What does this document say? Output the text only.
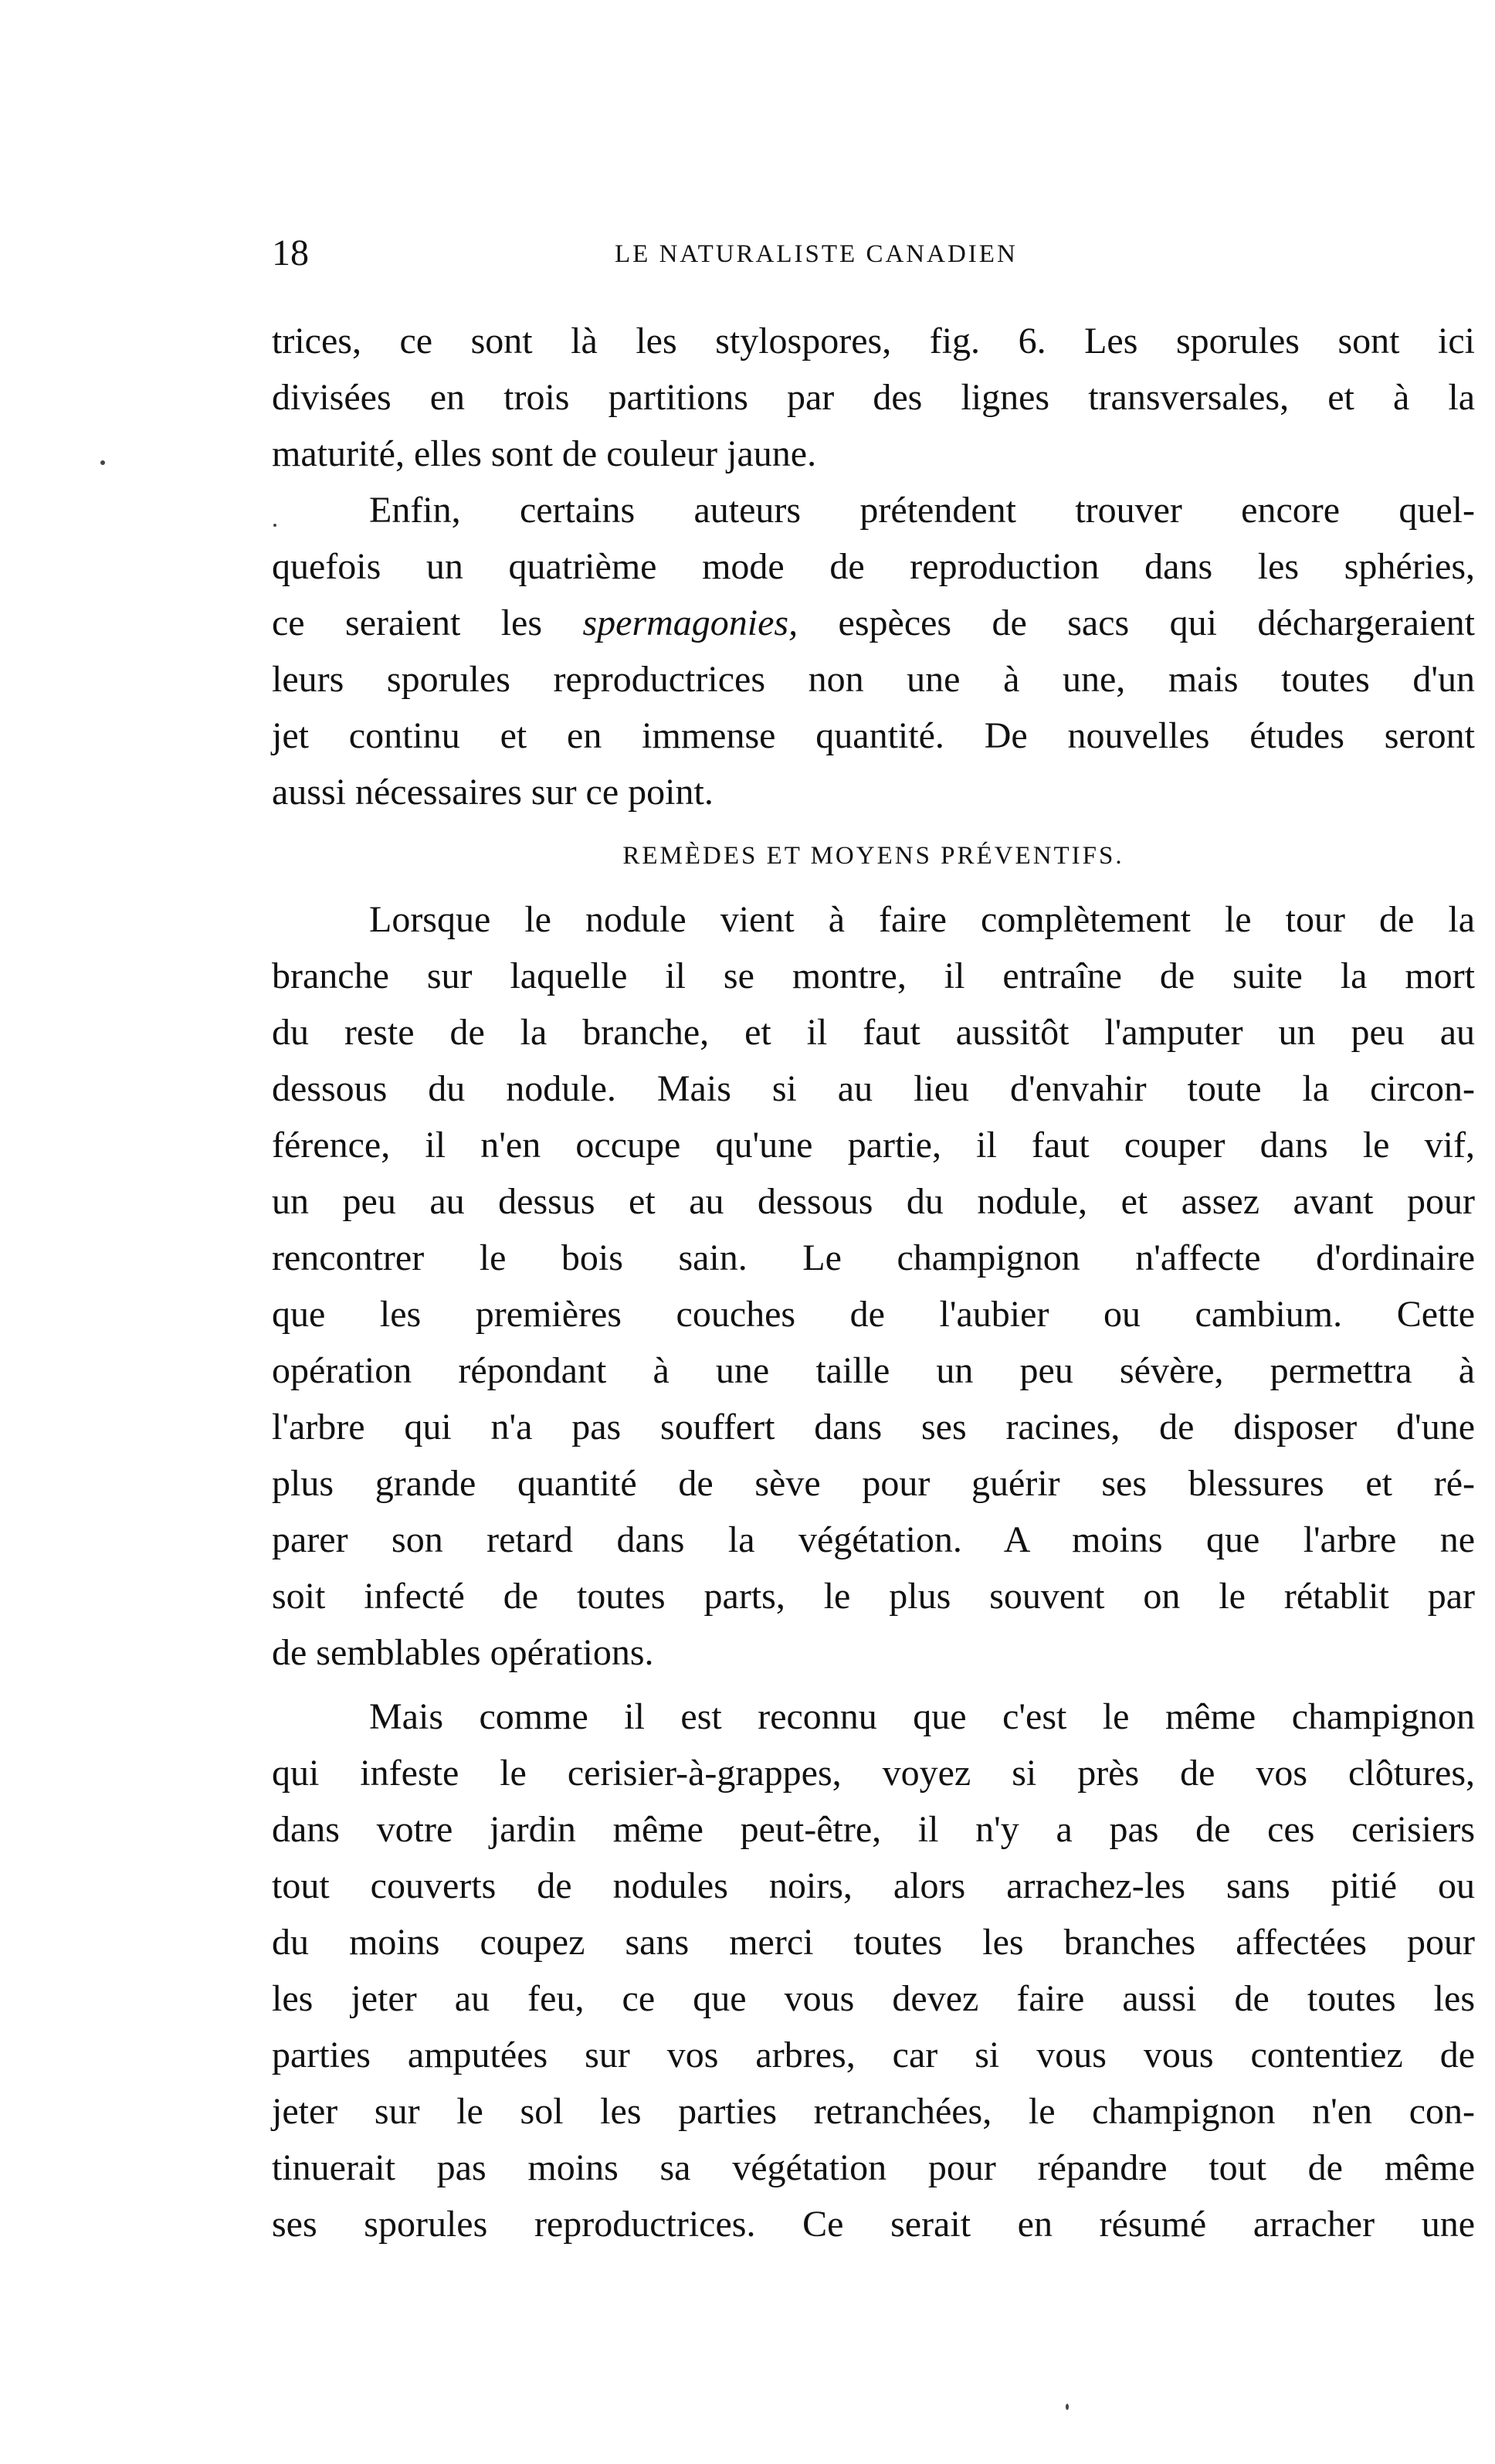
18	LE NATURALISTE CANADIEN
trices, ce sont là les stylospores, fig. 6. Les sporules sont ici
divisées en trois partitions par des lignes transversales, et à la
maturité, elles sont de couleur jaune.
Enfin, certains auteurs prétendent trouver encore quel-
quefois un quatrième mode de reproduction dans les sphéries,
ce seraient les spermagonies, espèces de sacs qui déchargeraient
leurs sporules reproductrices non une à une, mais toutes d'un
jet continu et en immense quantité. De nouvelles études seront
aussi nécessaires sur ce point.
REMÈDES ET MOYENS PRÉVENTIFS.
Lorsque le nodule vient à faire complètement le tour de la
branche sur laquelle il se montre, il entraîne de suite la mort
du reste de la branche, et il faut aussitôt l'amputer un peu au
dessous du nodule. Mais si au lieu d'envahir toute la circon-
férence, il n'en occupe qu'une partie, il faut couper dans le vif,
un peu au dessus et au dessous du nodule, et assez avant pour
rencontrer le bois sain. Le champignon n'affecte d'ordinaire
que les premières couches de l'aubier ou cambium. Cette
opération répondant à une taille un peu sévère, permettra à
l'arbre qui n'a pas souffert dans ses racines, de disposer d'une
plus grande quantité de sève pour guérir ses blessures et ré-
parer son retard dans la végétation. A moins que l'arbre ne
soit infecté de toutes parts, le plus souvent on le rétablit par
de semblables opérations.
Mais comme il est reconnu que c'est le même champignon
qui infeste le cerisier-à-grappes, voyez si près de vos clôtures,
dans votre jardin même peut-être, il n'y a pas de ces cerisiers
tout couverts de nodules noirs, alors arrachez-les sans pitié ou
du moins coupez sans merci toutes les branches affectées pour
les jeter au feu, ce que vous devez faire aussi de toutes les
parties amputées sur vos arbres, car si vous vous contentiez de
jeter sur le sol les parties retranchées, le champignon n'en con-
tinuerait pas moins sa végétation pour répandre tout de même
ses sporules reproductrices. Ce serait en résumé arracher une
